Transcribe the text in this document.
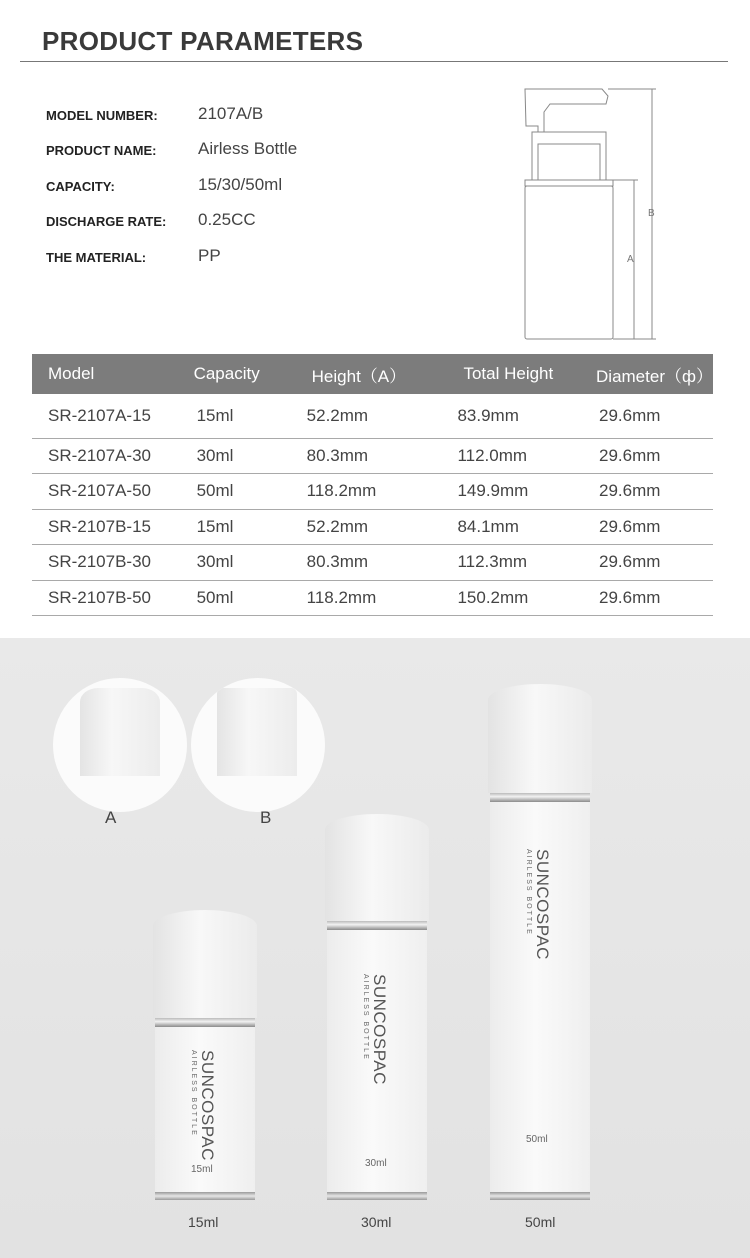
PRODUCT PARAMETERS
MODEL NUMBER: 2107A/B
PRODUCT NAME: Airless Bottle
CAPACITY:	15/30/50ml
DISCHARGE RATE: 0.25CC
THE MATERIAL:	PP	A
B
Model	Capacity	Height（A）	Total Height	Diameter（ф）
SR-2107A-15	15ml	52.2mm	83.9mm	29.6mm
SR-2107A-30	30ml	80.3mm	112.0mm	29.6mm
SR-2107A-50	50ml	118.2mm	149.9mm	29.6mm
SR-2107B-15	15ml	52.2mm	84.1mm	29.6mm
SR-2107B-30	30ml	80.3mm	112.3mm	29.6mm
SR-2107B-50	50ml	118.2mm	150.2mm	29.6mm
A	B
SUNCOSPAC
AIRLESS BOTTLE
15ml
SUNCOSPAC
AIRLESS BOTTLE
30ml
SUNCOSPAC
AIRLESS BOTTLE
50ml
15ml	30ml	50ml
